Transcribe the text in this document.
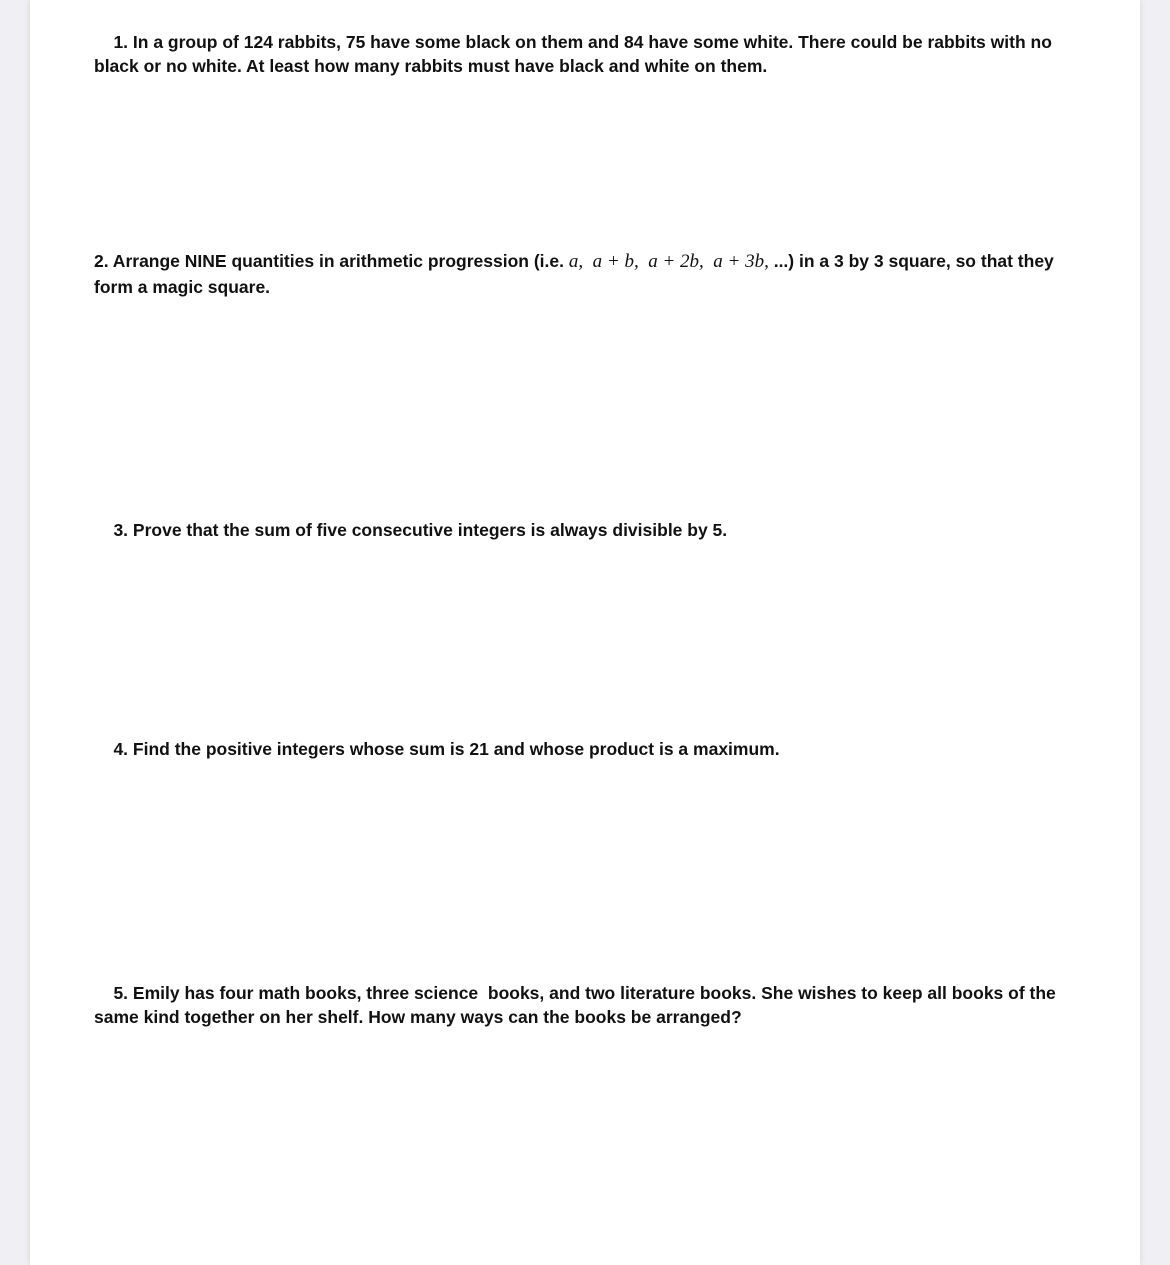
1. In a group of 124 rabbits, 75 have some black on them and 84 have some white. There could be rabbits with no black or no white. At least how many rabbits must have black and white on them.

2. Arrange NINE quantities in arithmetic progression (i.e. a,  a + b,  a + 2b,  a + 3b, ...) in a 3 by 3 square, so that they form a magic square.

3. Prove that the sum of five consecutive integers is always divisible by 5.

4. Find the positive integers whose sum is 21 and whose product is a maximum.

5. Emily has four math books, three science  books, and two literature books. She wishes to keep all books of the same kind together on her shelf. How many ways can the books be arranged?
